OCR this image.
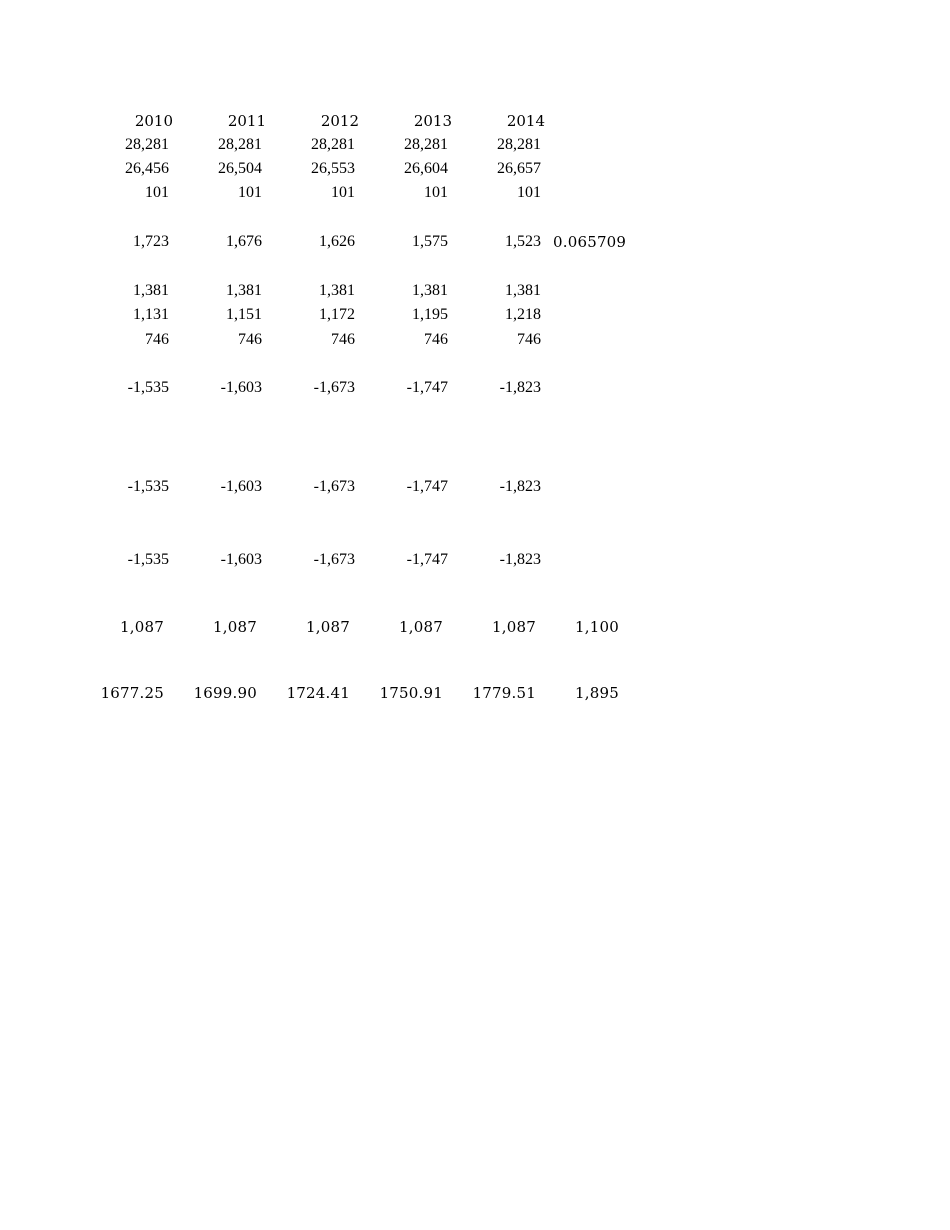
2010	2011	2012	2013	2014
28,281	28,281	28,281	28,281	28,281
26,456	26,504	26,553	26,604	26,657
101	101	101	101	101
1,723	1,676	1,626	1,575	1,523 0.065709
1,381	1,381	1,381	1,381	1,381
1,131	1,151	1,172	1,195	1,218
746	746	746	746	746
-1,535	-1,603	-1,673	-1,747	-1,823
-1,535	-1,603	-1,673	-1,747	-1,823
-1,535	-1,603	-1,673	-1,747	-1,823
1,087	1,087	1,087	1,087	1,087	1,100
1677.25 1699.90 1724.41 1750.91 1779.51	1,895
